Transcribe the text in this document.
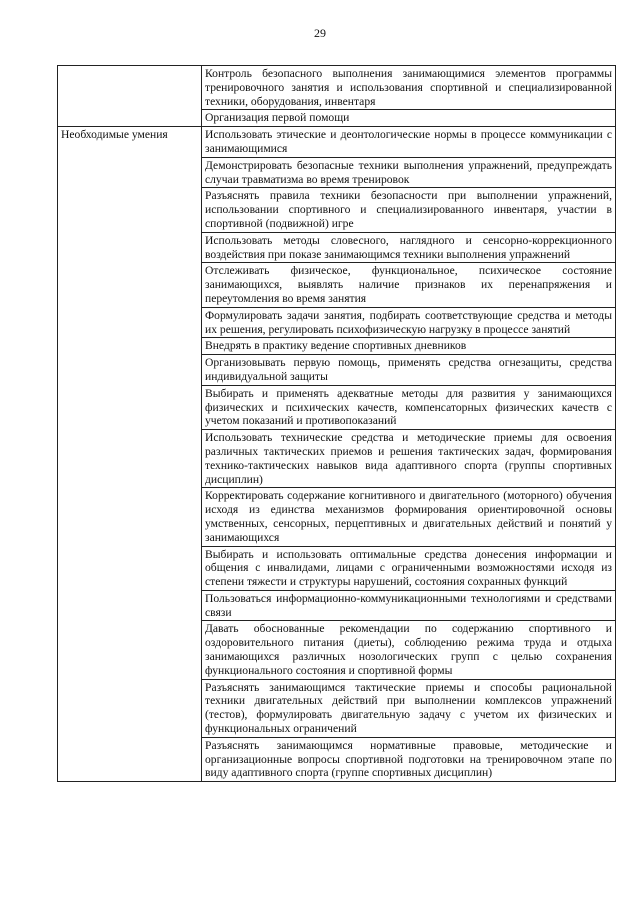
29
	Контроль безопасного выполнения занимающимися элементов программы тренировочного занятия и использования спортивной и специализированной техники, оборудования, инвентаря
	Организация первой помощи
Необходимые умения	Использовать этические и деонтологические нормы в процессе коммуникации с занимающимися
	Демонстрировать безопасные техники выполнения упражнений, предупреждать случаи травматизма во время тренировок
	Разъяснять правила техники безопасности при выполнении упражнений, использовании спортивного и специализированного инвентаря, участии в спортивной (подвижной) игре
	Использовать методы словесного, наглядного и сенсорно-коррекционного воздействия при показе занимающимся техники выполнения упражнений
	Отслеживать физическое, функциональное, психическое состояние занимающихся, выявлять наличие признаков их перенапряжения и переутомления во время занятия
	Формулировать задачи занятия, подбирать соответствующие средства и методы их решения, регулировать психофизическую нагрузку в процессе занятий
	Внедрять в практику ведение спортивных дневников
	Организовывать первую помощь, применять средства огнезащиты, средства индивидуальной защиты
	Выбирать и применять адекватные методы для развития у занимающихся физических и психических качеств, компенсаторных физических качеств с учетом показаний и противопоказаний
	Использовать технические средства и методические приемы для освоения различных тактических приемов и решения тактических задач, формирования технико-тактических навыков вида адаптивного спорта (группы спортивных дисциплин)
	Корректировать содержание когнитивного и двигательного (моторного) обучения исходя из единства механизмов формирования ориентировочной основы умственных, сенсорных, перцептивных и двигательных действий и понятий у занимающихся
	Выбирать и использовать оптимальные средства донесения информации и общения с инвалидами, лицами с ограниченными возможностями исходя из степени тяжести и структуры нарушений, состояния сохранных функций
	Пользоваться информационно-коммуникационными технологиями и средствами связи
	Давать обоснованные рекомендации по содержанию спортивного и оздоровительного питания (диеты), соблюдению режима труда и отдыха занимающихся различных нозологических групп с целью сохранения функционального состояния и спортивной формы
	Разъяснять занимающимся тактические приемы и способы рациональной техники двигательных действий при выполнении комплексов упражнений (тестов), формулировать двигательную задачу с учетом их физических и функциональных ограничений
	Разъяснять занимающимся нормативные правовые, методические и организационные вопросы спортивной подготовки на тренировочном этапе по виду адаптивного спорта (группе спортивных дисциплин)
